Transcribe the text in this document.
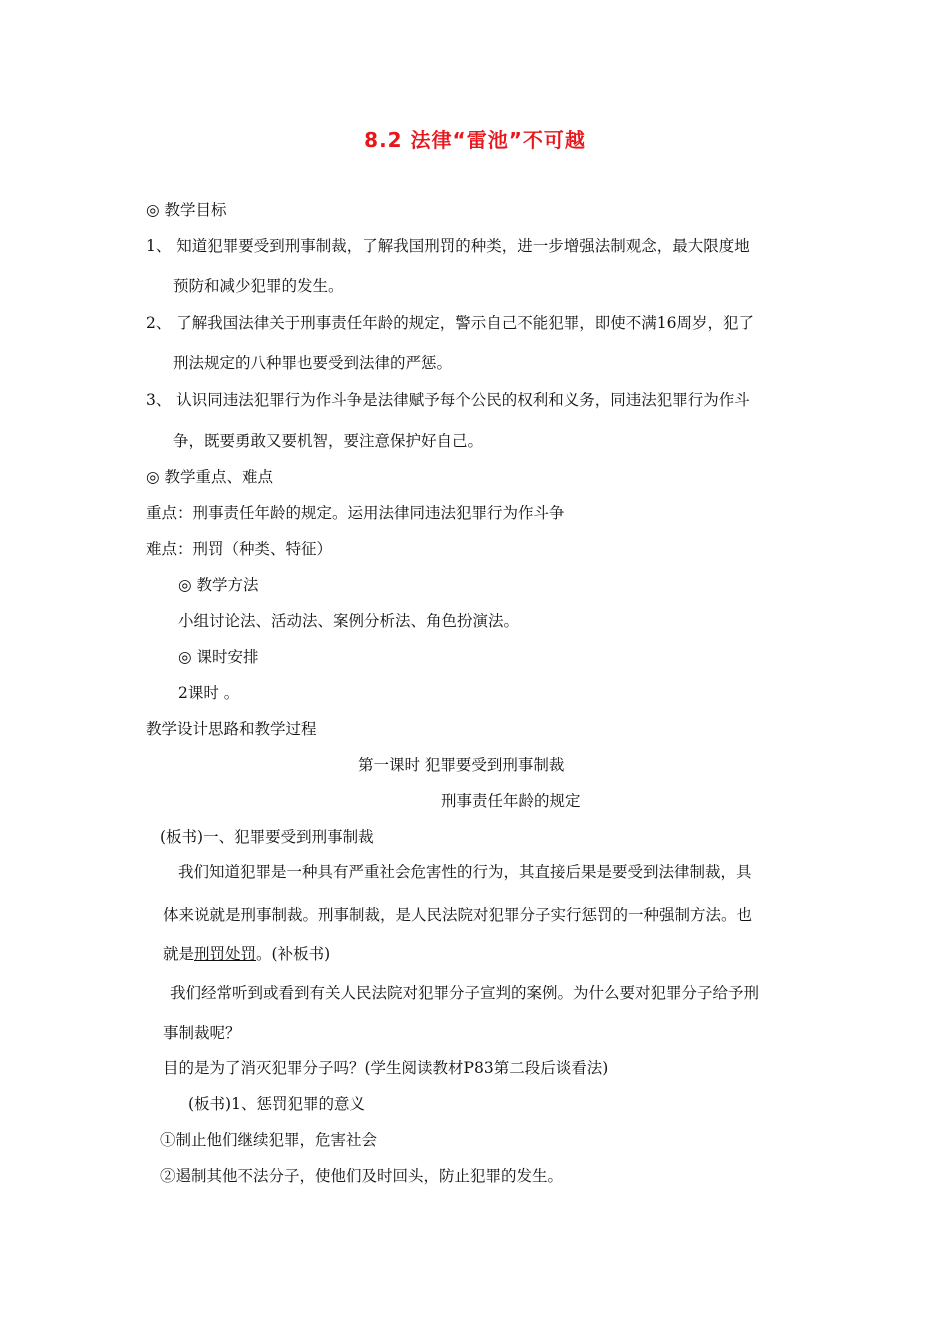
8.2 法律“雷池”不可越
◎ 教学目标
1、 知道犯罪要受到刑事制裁，了解我国刑罚的种类，进一步增强法制观念，最大限度地
预防和减少犯罪的发生。
2、 了解我国法律关于刑事责任年龄的规定，警示自己不能犯罪，即使不满16周岁，犯了
刑法规定的八种罪也要受到法律的严惩。
3、 认识同违法犯罪行为作斗争是法律赋予每个公民的权利和义务，同违法犯罪行为作斗
争，既要勇敢又要机智，要注意保护好自己。
◎ 教学重点、难点
重点：刑事责任年龄的规定。运用法律同违法犯罪行为作斗争
难点：刑罚（种类、特征）
◎ 教学方法
小组讨论法、活动法、案例分析法、角色扮演法。
◎ 课时安排
2课时 。
教学设计思路和教学过程
第一课时 犯罪要受到刑事制裁
刑事责任年龄的规定
(板书)一、犯罪要受到刑事制裁
我们知道犯罪是一种具有严重社会危害性的行为，其直接后果是要受到法律制裁，具
体来说就是刑事制裁。刑事制裁，是人民法院对犯罪分子实行惩罚的一种强制方法。也
就是刑罚处罚。(补板书)
我们经常听到或看到有关人民法院对犯罪分子宣判的案例。为什么要对犯罪分子给予刑
事制裁呢？
目的是为了消灭犯罪分子吗？(学生阅读教材P83第二段后谈看法)
(板书)1、惩罚犯罪的意义
①制止他们继续犯罪，危害社会
②遏制其他不法分子，使他们及时回头，防止犯罪的发生。
